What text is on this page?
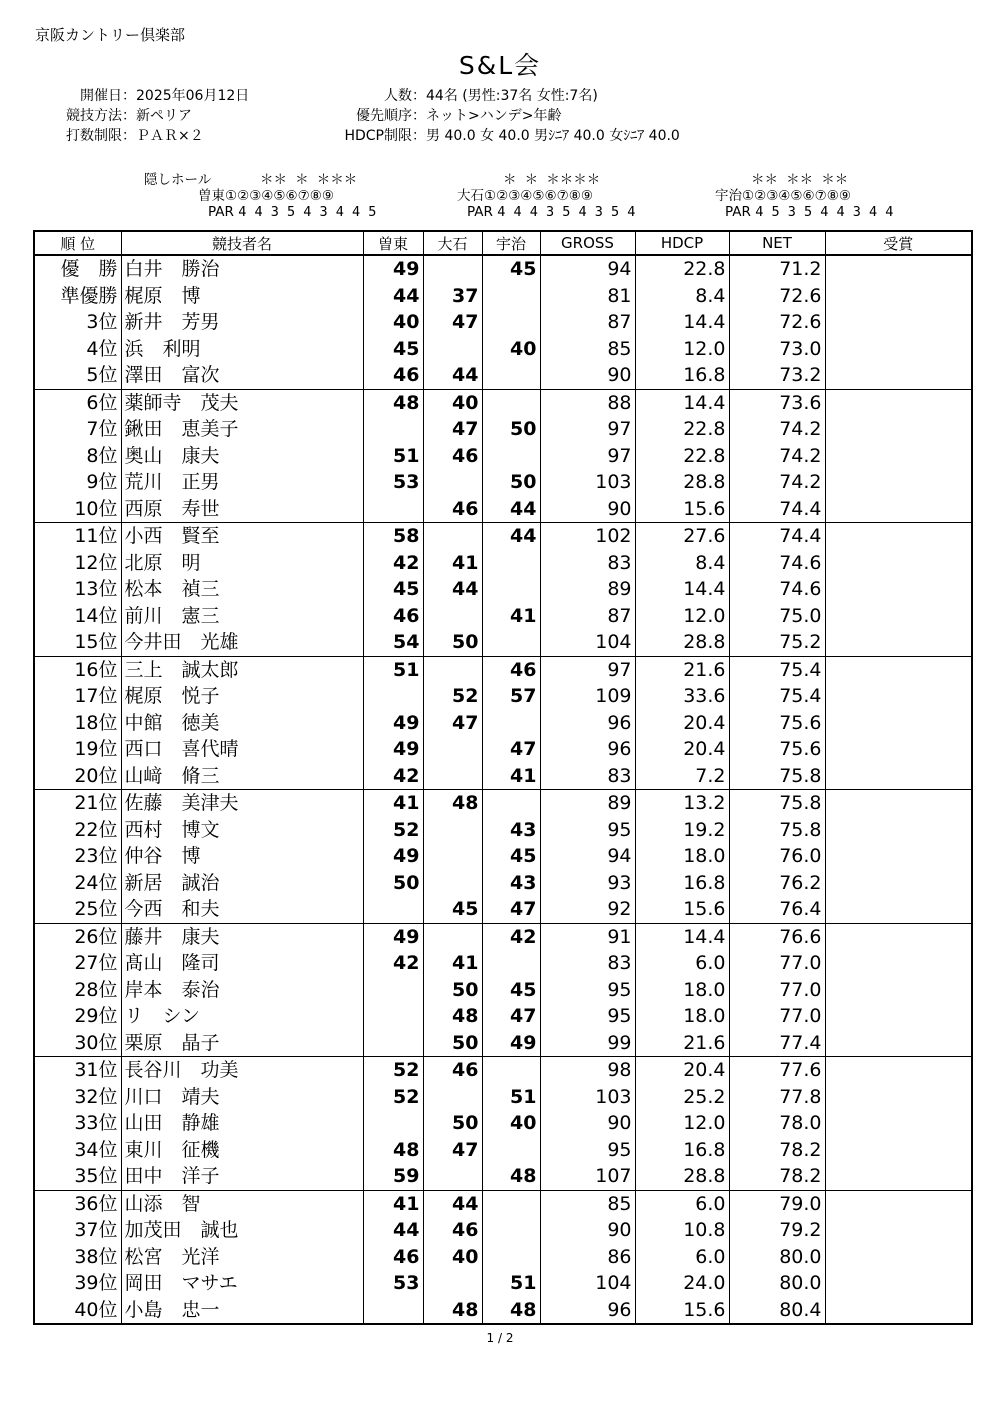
京阪カントリー倶楽部
S&L会
開催日：2025年06月12日
競技方法：新ペリア
打数制限：ＰＡＲ×２
人数：44名 (男性:37名 女性:7名)
優先順序：ネット>ハンデ>年齢
HDCP制限：男 40.0 女 40.0 男ｼﾆｱ 40.0 女ｼﾆｱ 40.0
隠しホール	＊＊ ＊ ＊＊＊
曽東①②③④⑤⑥⑦⑧⑨
PAR 4 4 3 5 4 3 4 4 5
＊ ＊ ＊＊＊＊
大石①②③④⑤⑥⑦⑧⑨
PAR 4 4 4 3 5 4 3 5 4
＊＊ ＊＊ ＊＊
宇治①②③④⑤⑥⑦⑧⑨
PAR 4 5 3 5 4 4 3 4 4
順 位	競技者名	曽東	大石	宇治	GROSS	HDCP	NET	受賞
優　勝	白井　勝治	49		45	94	22.8	71.2	
準優勝	梶原　博	44	37		81	8.4	72.6	
3位	新井　芳男	40	47		87	14.4	72.6	
4位	浜　利明	45		40	85	12.0	73.0	
5位	澤田　富次	46	44		90	16.8	73.2	
6位	薬師寺　茂夫	48	40		88	14.4	73.6	
7位	鍬田　恵美子		47	50	97	22.8	74.2	
8位	奥山　康夫	51	46		97	22.8	74.2	
9位	荒川　正男	53		50	103	28.8	74.2	
10位	西原　寿世		46	44	90	15.6	74.4	
11位	小西　賢至	58		44	102	27.6	74.4	
12位	北原　明	42	41		83	8.4	74.6	
13位	松本　禎三	45	44		89	14.4	74.6	
14位	前川　憲三	46		41	87	12.0	75.0	
15位	今井田　光雄	54	50		104	28.8	75.2	
16位	三上　誠太郎	51		46	97	21.6	75.4	
17位	梶原　悦子		52	57	109	33.6	75.4	
18位	中館　徳美	49	47		96	20.4	75.6	
19位	西口　喜代晴	49		47	96	20.4	75.6	
20位	山﨑　脩三	42		41	83	7.2	75.8	
21位	佐藤　美津夫	41	48		89	13.2	75.8	
22位	西村　博文	52		43	95	19.2	75.8	
23位	仲谷　博	49		45	94	18.0	76.0	
24位	新居　誠治	50		43	93	16.8	76.2	
25位	今西　和夫		45	47	92	15.6	76.4	
26位	藤井　康夫	49		42	91	14.4	76.6	
27位	髙山　隆司	42	41		83	6.0	77.0	
28位	岸本　泰治		50	45	95	18.0	77.0	
29位	リ　シン		48	47	95	18.0	77.0	
30位	栗原　晶子		50	49	99	21.6	77.4	
31位	長谷川　功美	52	46		98	20.4	77.6	
32位	川口　靖夫	52		51	103	25.2	77.8	
33位	山田　静雄		50	40	90	12.0	78.0	
34位	東川　征機	48	47		95	16.8	78.2	
35位	田中　洋子	59		48	107	28.8	78.2	
36位	山添　智	41	44		85	6.0	79.0	
37位	加茂田　誠也	44	46		90	10.8	79.2	
38位	松宮　光洋	46	40		86	6.0	80.0	
39位	岡田　マサエ	53		51	104	24.0	80.0	
40位	小島　忠一		48	48	96	15.6	80.4	
1 / 2
